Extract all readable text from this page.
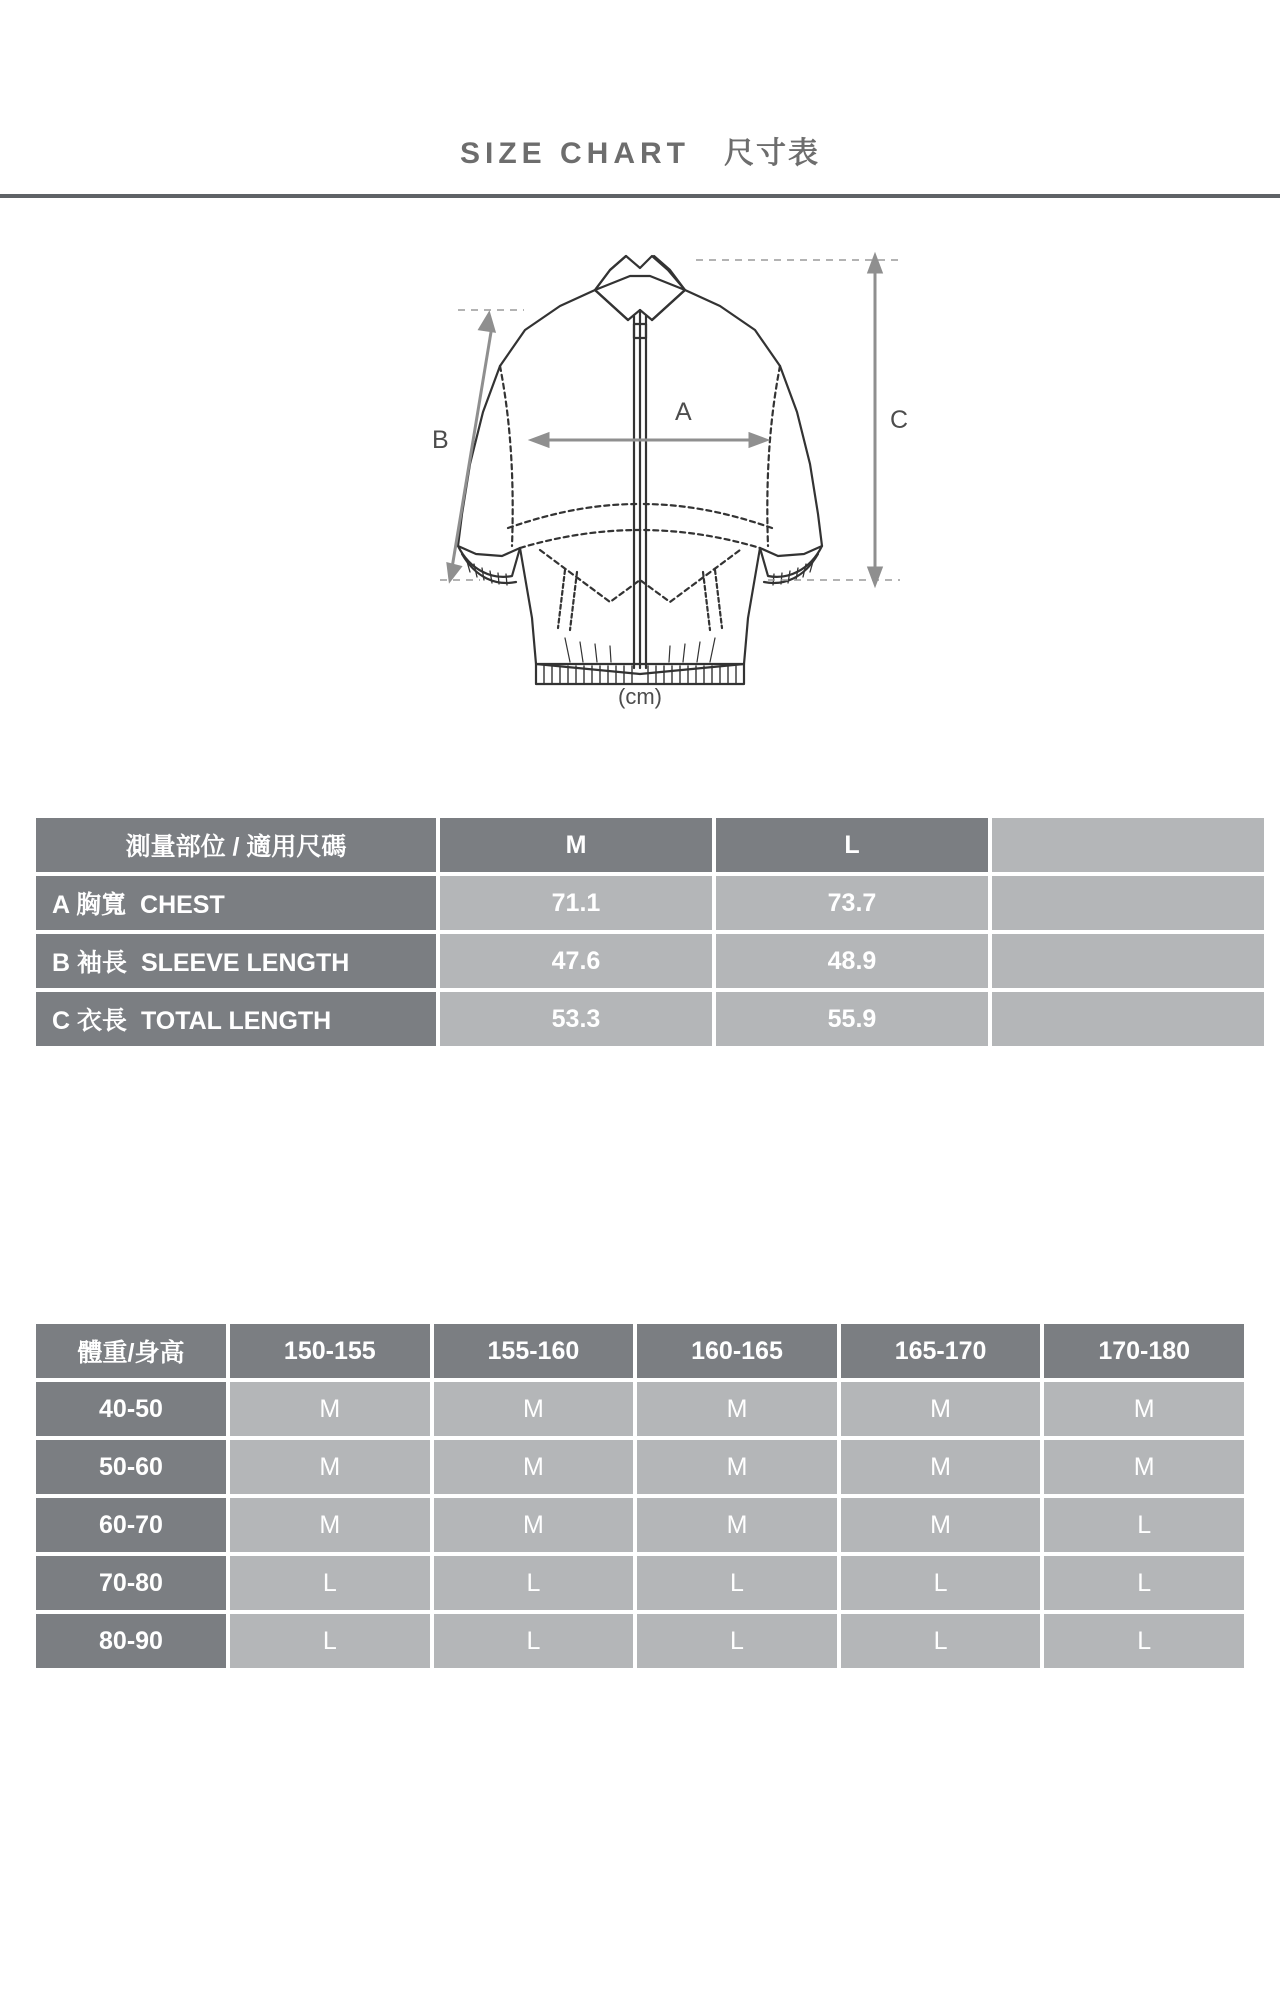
SIZE CHART 尺寸表
A
B
C
(cm)
測量部位 / 適用尺碼	M	L	
A 胸寬 CHEST	71.1	73.7	
B 袖長 SLEEVE LENGTH	47.6	48.9	
C 衣長 TOTAL LENGTH	53.3	55.9	
體重/身高	150-155	155-160	160-165	165-170	170-180
40-50	M	M	M	M	M
50-60	M	M	M	M	M
60-70	M	M	M	M	L
70-80	L	L	L	L	L
80-90	L	L	L	L	L
